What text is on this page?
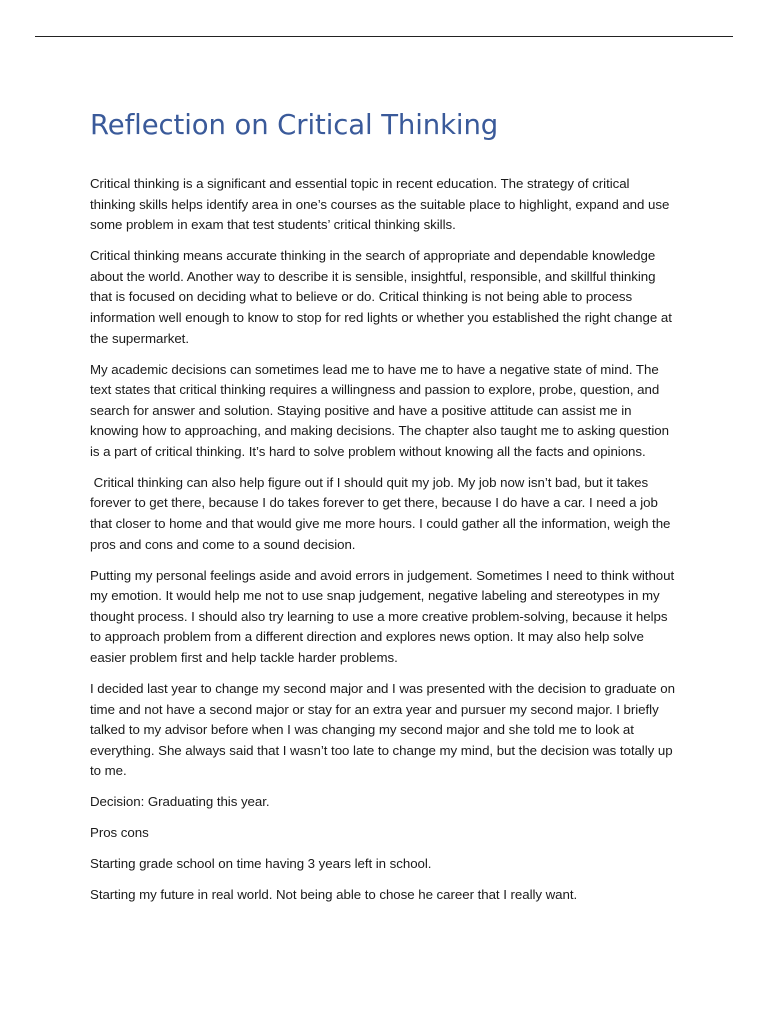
Reflection on Critical Thinking

Critical thinking is a significant and essential topic in recent education. The strategy of critical thinking skills helps identify area in one’s courses as the suitable place to highlight, expand and use some problem in exam that test students’ critical thinking skills.

Critical thinking means accurate thinking in the search of appropriate and dependable knowledge about the world. Another way to describe it is sensible, insightful, responsible, and skillful thinking that is focused on deciding what to believe or do. Critical thinking is not being able to process information well enough to know to stop for red lights or whether you established the right change at the supermarket.

My academic decisions can sometimes lead me to have me to have a negative state of mind. The text states that critical thinking requires a willingness and passion to explore, probe, question, and search for answer and solution. Staying positive and have a positive attitude can assist me in knowing how to approaching, and making decisions. The chapter also taught me to asking question is a part of critical thinking. It’s hard to solve problem without knowing all the facts and opinions.

Critical thinking can also help figure out if I should quit my job. My job now isn’t bad, but it takes forever to get there, because I do takes forever to get there, because I do have a car. I need a job that closer to home and that would give me more hours. I could gather all the information, weigh the pros and cons and come to a sound decision.

Putting my personal feelings aside and avoid errors in judgement. Sometimes I need to think without my emotion. It would help me not to use snap judgement, negative labeling and stereotypes in my thought process. I should also try learning to use a more creative problem-solving, because it helps to approach problem from a different direction and explores news option. It may also help solve easier problem first and help tackle harder problems.

I decided last year to change my second major and I was presented with the decision to graduate on time and not have a second major or stay for an extra year and pursuer my second major. I briefly talked to my advisor before when I was changing my second major and she told me to look at everything. She always said that I wasn’t too late to change my mind, but the decision was totally up to me.

Decision: Graduating this year.

Pros cons

Starting grade school on time having 3 years left in school.

Starting my future in real world. Not being able to chose he career that I really want.
